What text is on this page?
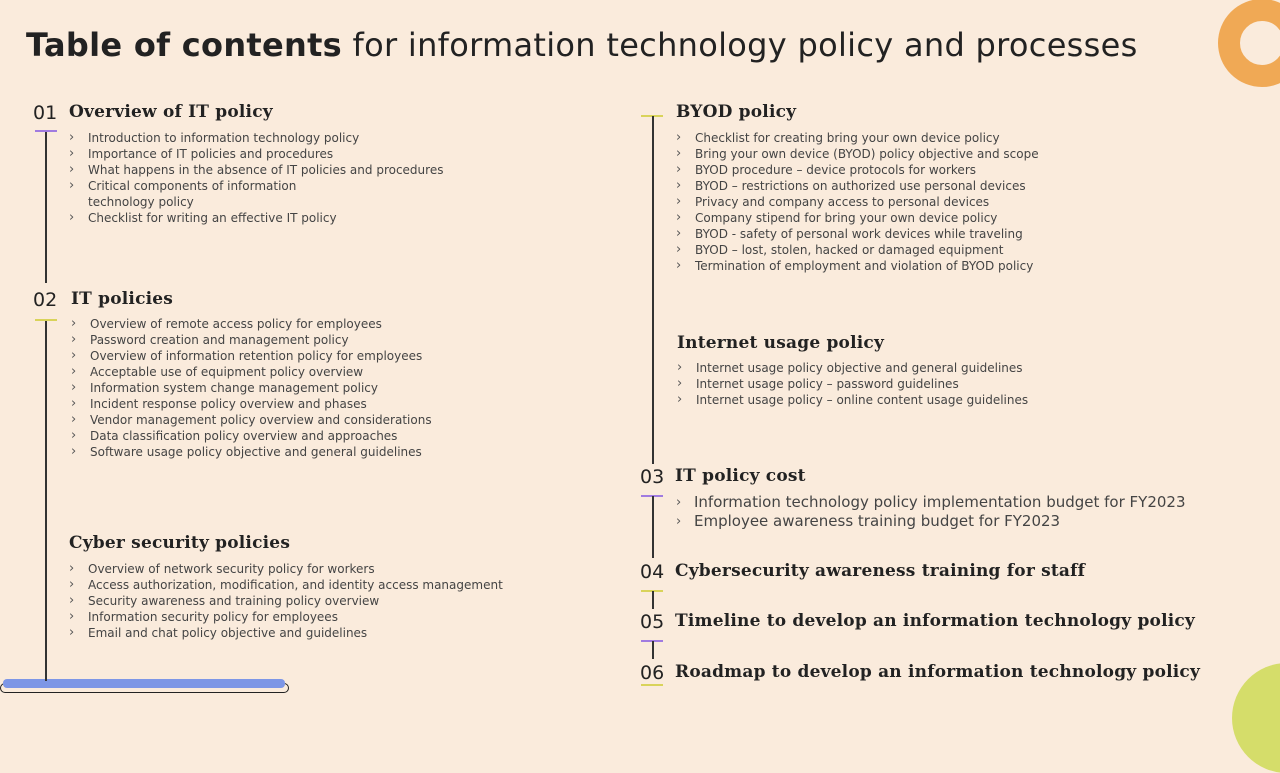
Table of contents for information technology policy and processes
01 Overview of IT policy
› Introduction to information technology policy
› Importance of IT policies and procedures
› What happens in the absence of IT policies and procedures
› Critical components of information
technology policy
› Checklist for writing an effective IT policy
02 IT policies
› Overview of remote access policy for employees
› Password creation and management policy
› Overview of information retention policy for employees
› Acceptable use of equipment policy overview
› Information system change management policy
› Incident response policy overview and phases
› Vendor management policy overview and considerations
› Data classification policy overview and approaches
› Software usage policy objective and general guidelines
Cyber security policies
› Overview of network security policy for workers
› Access authorization, modification, and identity access management
› Security awareness and training policy overview
› Information security policy for employees
› Email and chat policy objective and guidelines
BYOD policy
› Checklist for creating bring your own device policy
› Bring your own device (BYOD) policy objective and scope
› BYOD procedure – device protocols for workers
› BYOD – restrictions on authorized use personal devices
› Privacy and company access to personal devices
› Company stipend for bring your own device policy
› BYOD - safety of personal work devices while traveling
› BYOD – lost, stolen, hacked or damaged equipment
› Termination of employment and violation of BYOD policy
Internet usage policy
› Internet usage policy objective and general guidelines
› Internet usage policy – password guidelines
› Internet usage policy – online content usage guidelines
03 IT policy cost
› Information technology policy implementation budget for FY2023
› Employee awareness training budget for FY2023
04 Cybersecurity awareness training for staff
05 Timeline to develop an information technology policy
06 Roadmap to develop an information technology policy
